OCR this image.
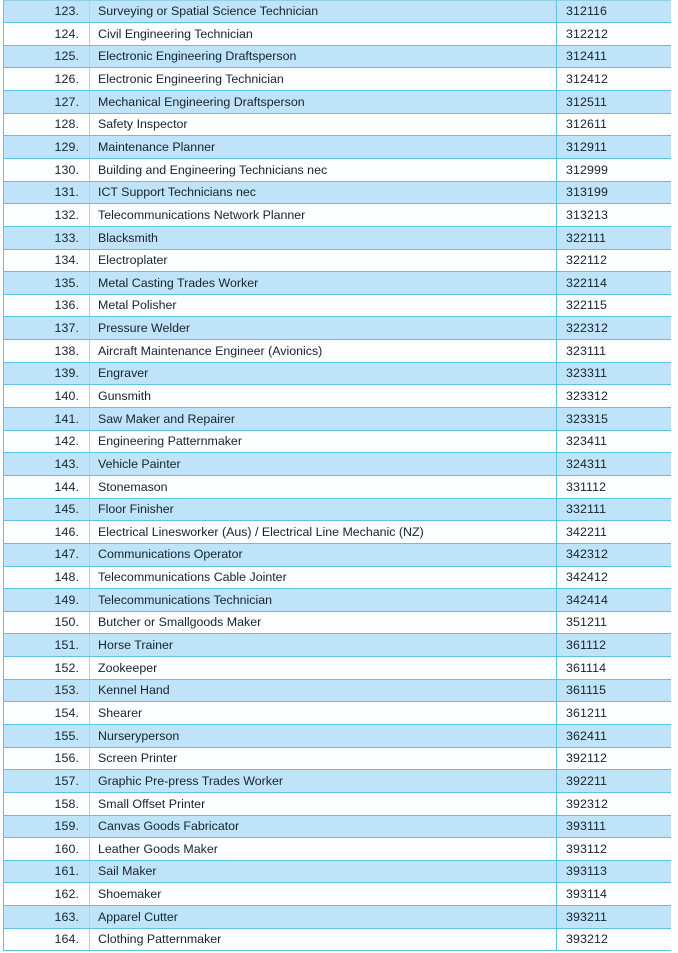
123.	Surveying or Spatial Science Technician	312116
124.	Civil Engineering Technician	312212
125.	Electronic Engineering Draftsperson	312411
126.	Electronic Engineering Technician	312412
127.	Mechanical Engineering Draftsperson	312511
128.	Safety Inspector	312611
129.	Maintenance Planner	312911
130.	Building and Engineering Technicians nec	312999
131.	ICT Support Technicians nec	313199
132.	Telecommunications Network Planner	313213
133.	Blacksmith	322111
134.	Electroplater	322112
135.	Metal Casting Trades Worker	322114
136.	Metal Polisher	322115
137.	Pressure Welder	322312
138.	Aircraft Maintenance Engineer (Avionics)	323111
139.	Engraver	323311
140.	Gunsmith	323312
141.	Saw Maker and Repairer	323315
142.	Engineering Patternmaker	323411
143.	Vehicle Painter	324311
144.	Stonemason	331112
145.	Floor Finisher	332111
146.	Electrical Linesworker (Aus) / Electrical Line Mechanic (NZ)	342211
147.	Communications Operator	342312
148.	Telecommunications Cable Jointer	342412
149.	Telecommunications Technician	342414
150.	Butcher or Smallgoods Maker	351211
151.	Horse Trainer	361112
152.	Zookeeper	361114
153.	Kennel Hand	361115
154.	Shearer	361211
155.	Nurseryperson	362411
156.	Screen Printer	392112
157.	Graphic Pre-press Trades Worker	392211
158.	Small Offset Printer	392312
159.	Canvas Goods Fabricator	393111
160.	Leather Goods Maker	393112
161.	Sail Maker	393113
162.	Shoemaker	393114
163.	Apparel Cutter	393211
164.	Clothing Patternmaker	393212
